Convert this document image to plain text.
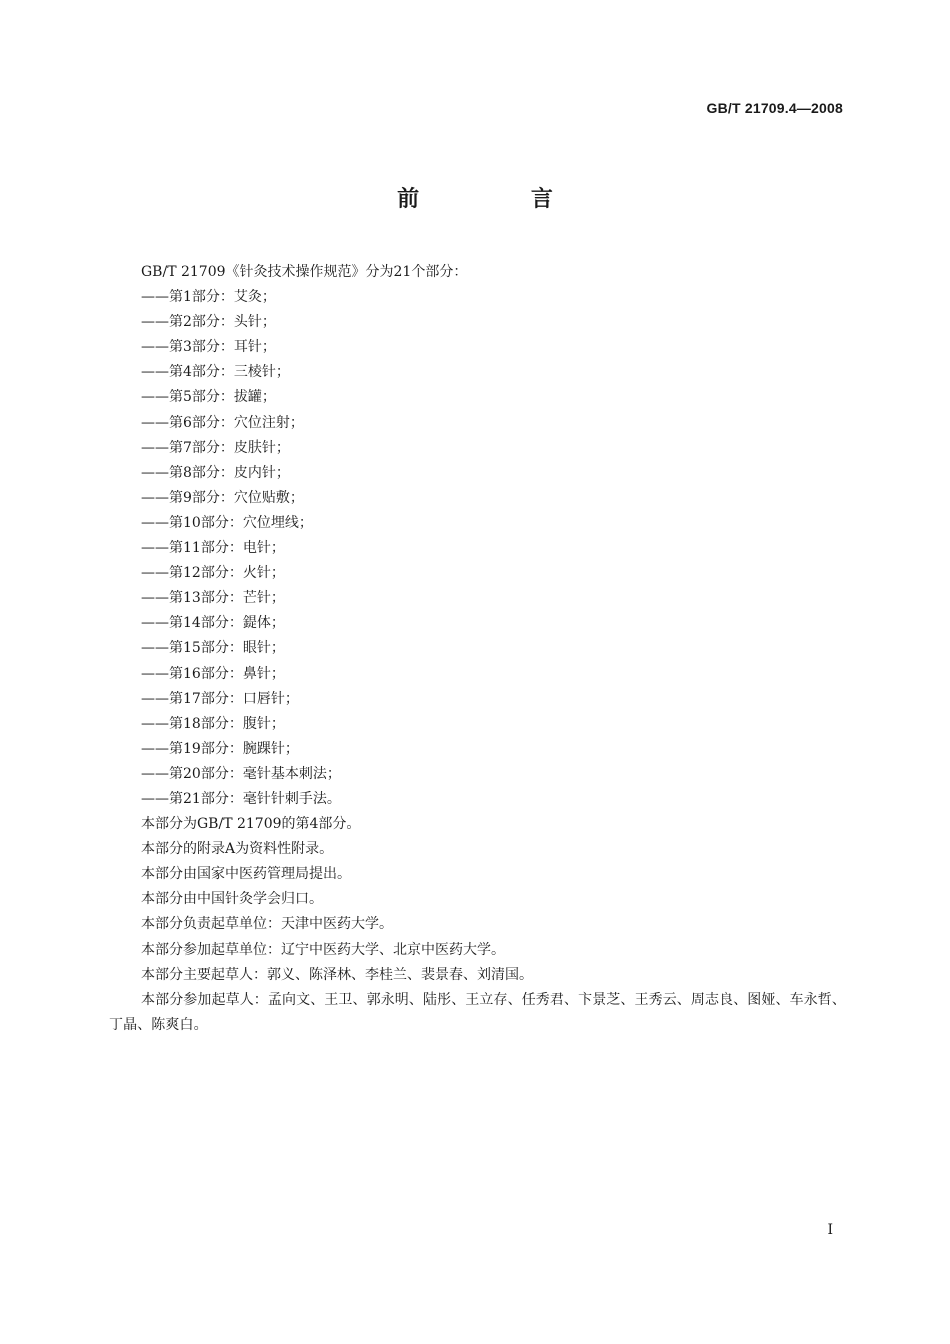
GB/T 21709.4—2008
前 言
GB/T 21709《针灸技术操作规范》分为21个部分：
——第1部分：艾灸；
——第2部分：头针；
——第3部分：耳针；
——第4部分：三棱针；
——第5部分：拔罐；
——第6部分：穴位注射；
——第7部分：皮肤针；
——第8部分：皮内针；
——第9部分：穴位贴敷；
——第10部分：穴位埋线；
——第11部分：电针；
——第12部分：火针；
——第13部分：芒针；
——第14部分：鍉体；
——第15部分：眼针；
——第16部分：鼻针；
——第17部分：口唇针；
——第18部分：腹针；
——第19部分：腕踝针；
——第20部分：毫针基本刺法；
——第21部分：毫针针刺手法。
本部分为GB/T 21709的第4部分。
本部分的附录A为资料性附录。
本部分由国家中医药管理局提出。
本部分由中国针灸学会归口。
本部分负责起草单位：天津中医药大学。
本部分参加起草单位：辽宁中医药大学、北京中医药大学。
本部分主要起草人：郭义、陈泽林、李桂兰、裴景春、刘清国。
本部分参加起草人：孟向文、王卫、郭永明、陆彤、王立存、任秀君、卞景芝、王秀云、周志良、图娅、车永哲、丁晶、陈爽白。
I
